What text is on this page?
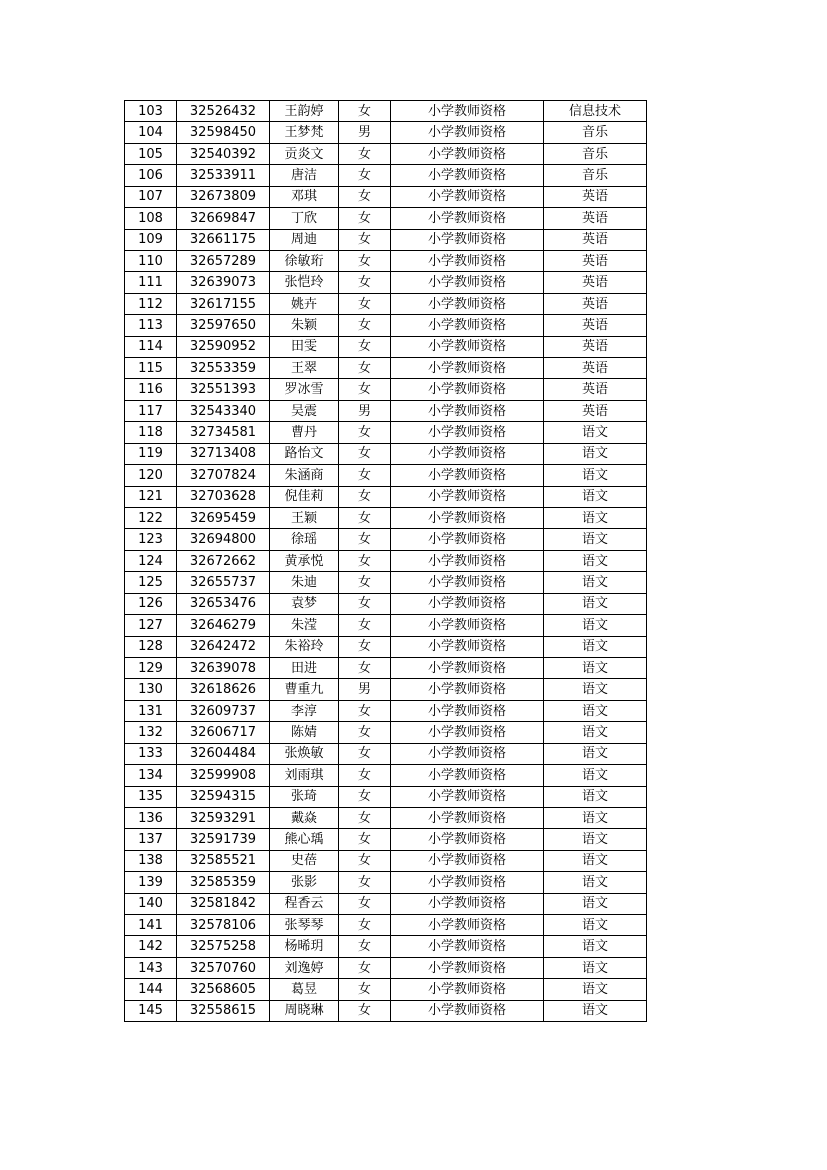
103	32526432	王韵婷	女	小学教师资格	信息技术
104	32598450	王梦梵	男	小学教师资格	音乐
105	32540392	贡炎文	女	小学教师资格	音乐
106	32533911	唐洁	女	小学教师资格	音乐
107	32673809	邓琪	女	小学教师资格	英语
108	32669847	丁欣	女	小学教师资格	英语
109	32661175	周迪	女	小学教师资格	英语
110	32657289	徐敏珩	女	小学教师资格	英语
111	32639073	张恺玲	女	小学教师资格	英语
112	32617155	姚卉	女	小学教师资格	英语
113	32597650	朱颖	女	小学教师资格	英语
114	32590952	田雯	女	小学教师资格	英语
115	32553359	王翠	女	小学教师资格	英语
116	32551393	罗冰雪	女	小学教师资格	英语
117	32543340	吴震	男	小学教师资格	英语
118	32734581	曹丹	女	小学教师资格	语文
119	32713408	路怡文	女	小学教师资格	语文
120	32707824	朱涵商	女	小学教师资格	语文
121	32703628	倪佳莉	女	小学教师资格	语文
122	32695459	王颖	女	小学教师资格	语文
123	32694800	徐瑶	女	小学教师资格	语文
124	32672662	黄承悦	女	小学教师资格	语文
125	32655737	朱迪	女	小学教师资格	语文
126	32653476	袁梦	女	小学教师资格	语文
127	32646279	朱滢	女	小学教师资格	语文
128	32642472	朱裕玲	女	小学教师资格	语文
129	32639078	田进	女	小学教师资格	语文
130	32618626	曹重九	男	小学教师资格	语文
131	32609737	李淳	女	小学教师资格	语文
132	32606717	陈婧	女	小学教师资格	语文
133	32604484	张焕敏	女	小学教师资格	语文
134	32599908	刘雨琪	女	小学教师资格	语文
135	32594315	张琦	女	小学教师资格	语文
136	32593291	戴焱	女	小学教师资格	语文
137	32591739	熊心瑀	女	小学教师资格	语文
138	32585521	史蓓	女	小学教师资格	语文
139	32585359	张影	女	小学教师资格	语文
140	32581842	程香云	女	小学教师资格	语文
141	32578106	张琴琴	女	小学教师资格	语文
142	32575258	杨晞玥	女	小学教师资格	语文
143	32570760	刘逸婷	女	小学教师资格	语文
144	32568605	葛昱	女	小学教师资格	语文
145	32558615	周晓琳	女	小学教师资格	语文
